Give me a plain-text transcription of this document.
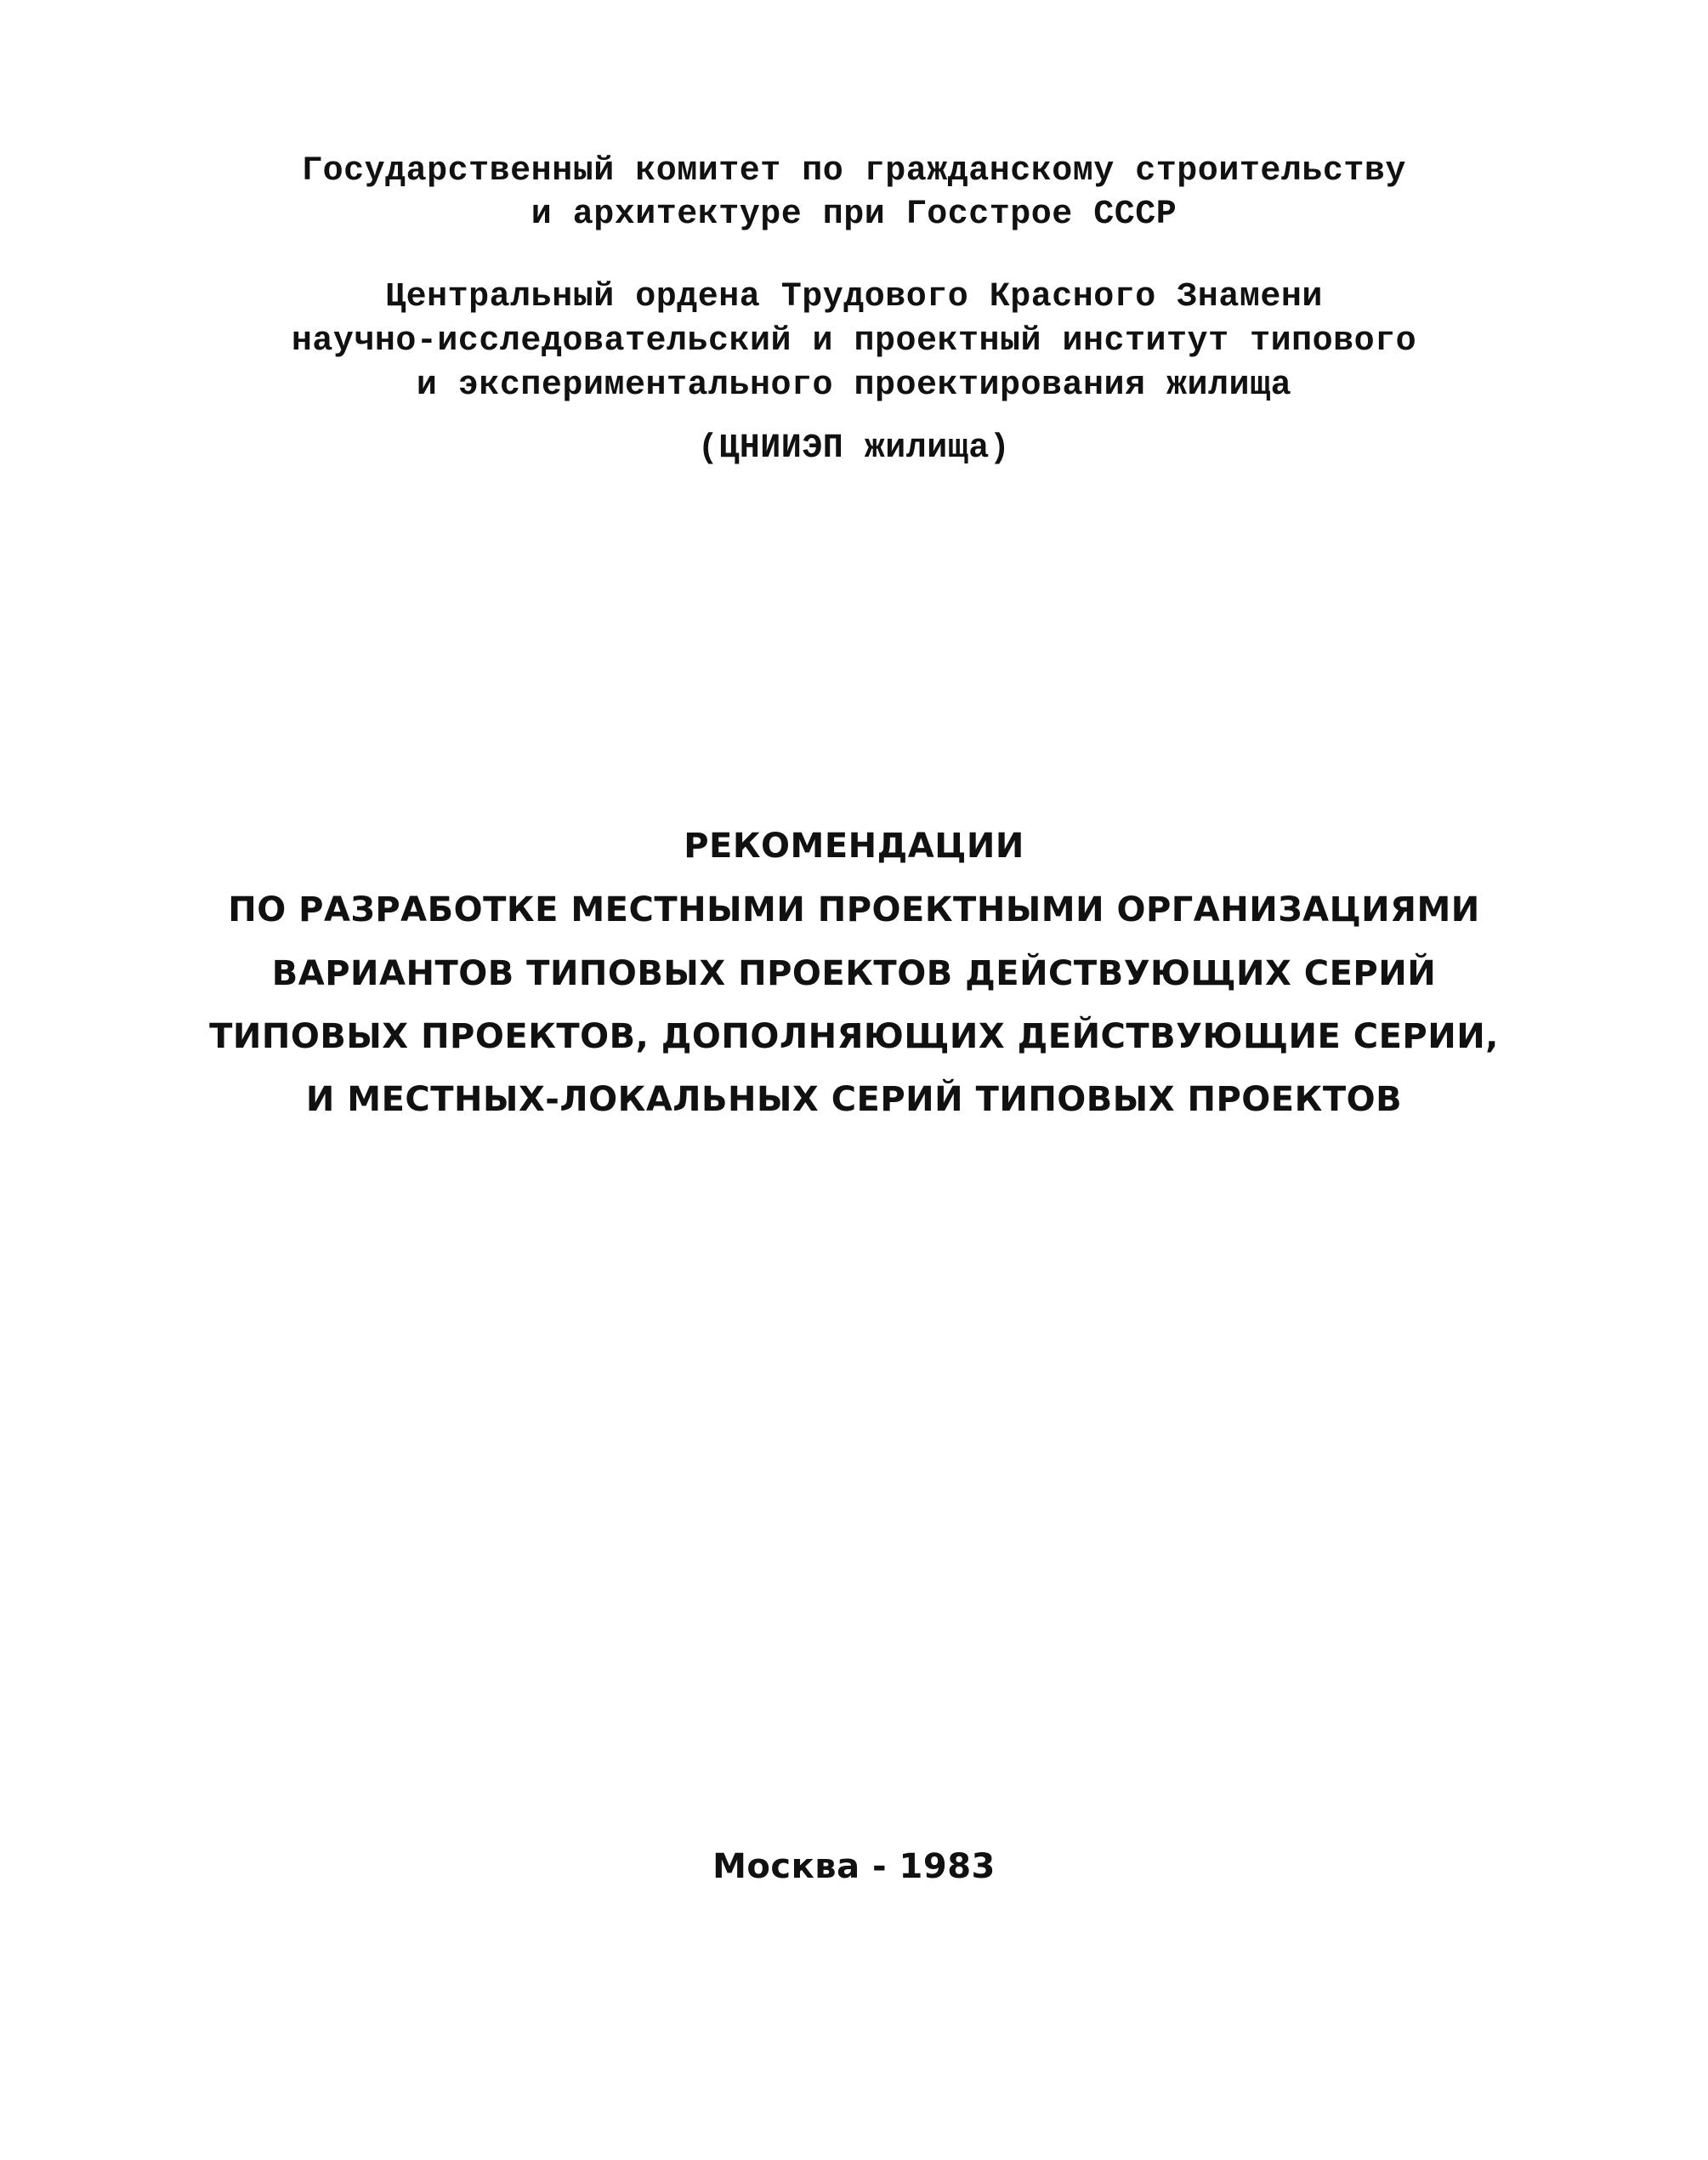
Государственный комитет по гражданскому строительству
и архитектуре при Госстрое СССР
Центральный ордена Трудового Красного Знамени
научно-исследовательский и проектный институт типового
и экспериментального проектирования жилища
(ЦНИИЭП жилища)
РЕКОМЕНДАЦИИ
ПО РАЗРАБОТКЕ МЕСТНЫМИ ПРОЕКТНЫМИ ОРГАНИЗАЦИЯМИ
ВАРИАНТОВ ТИПОВЫХ ПРОЕКТОВ ДЕЙСТВУЮЩИХ СЕРИЙ
ТИПОВЫХ ПРОЕКТОВ, ДОПОЛНЯЮЩИХ ДЕЙСТВУЮЩИЕ СЕРИИ,
И МЕСТНЫХ-ЛОКАЛЬНЫХ СЕРИЙ ТИПОВЫХ ПРОЕКТОВ
Москва - 1983
